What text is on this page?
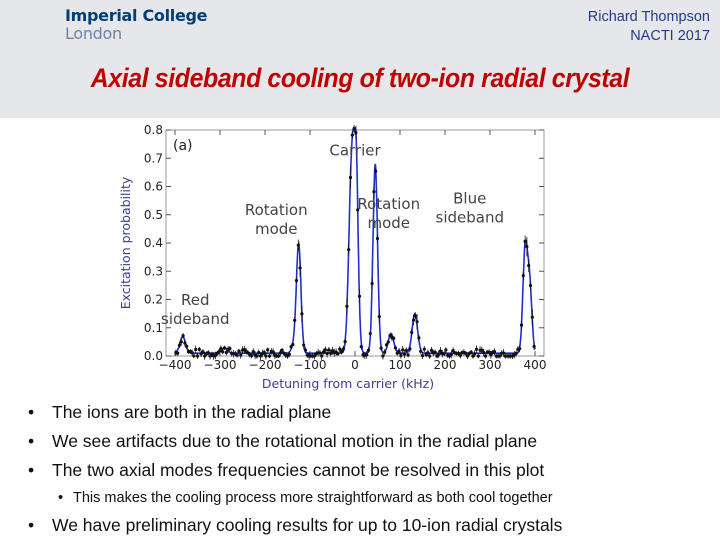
Imperial College
London
Richard Thompson
NACTI 2017
Axial sideband cooling of two-ion radial crystal
−400 −300 −200 −100 0 100 200 300 400
0.0
0.1
0.2
0.3
0.4
0.5
0.6
0.7
0.8
Carrier
Rotation mode
Rotation mode
Blue sideband
Red sideband
(a)
Detuning from carrier (kHz)
Excitation probability
• The ions are both in the radial plane
• We see artifacts due to the rotational motion in the radial plane
• The two axial modes frequencies cannot be resolved in this plot
• This makes the cooling process more straightforward as both cool together
• We have preliminary cooling results for up to 10-ion radial crystals
